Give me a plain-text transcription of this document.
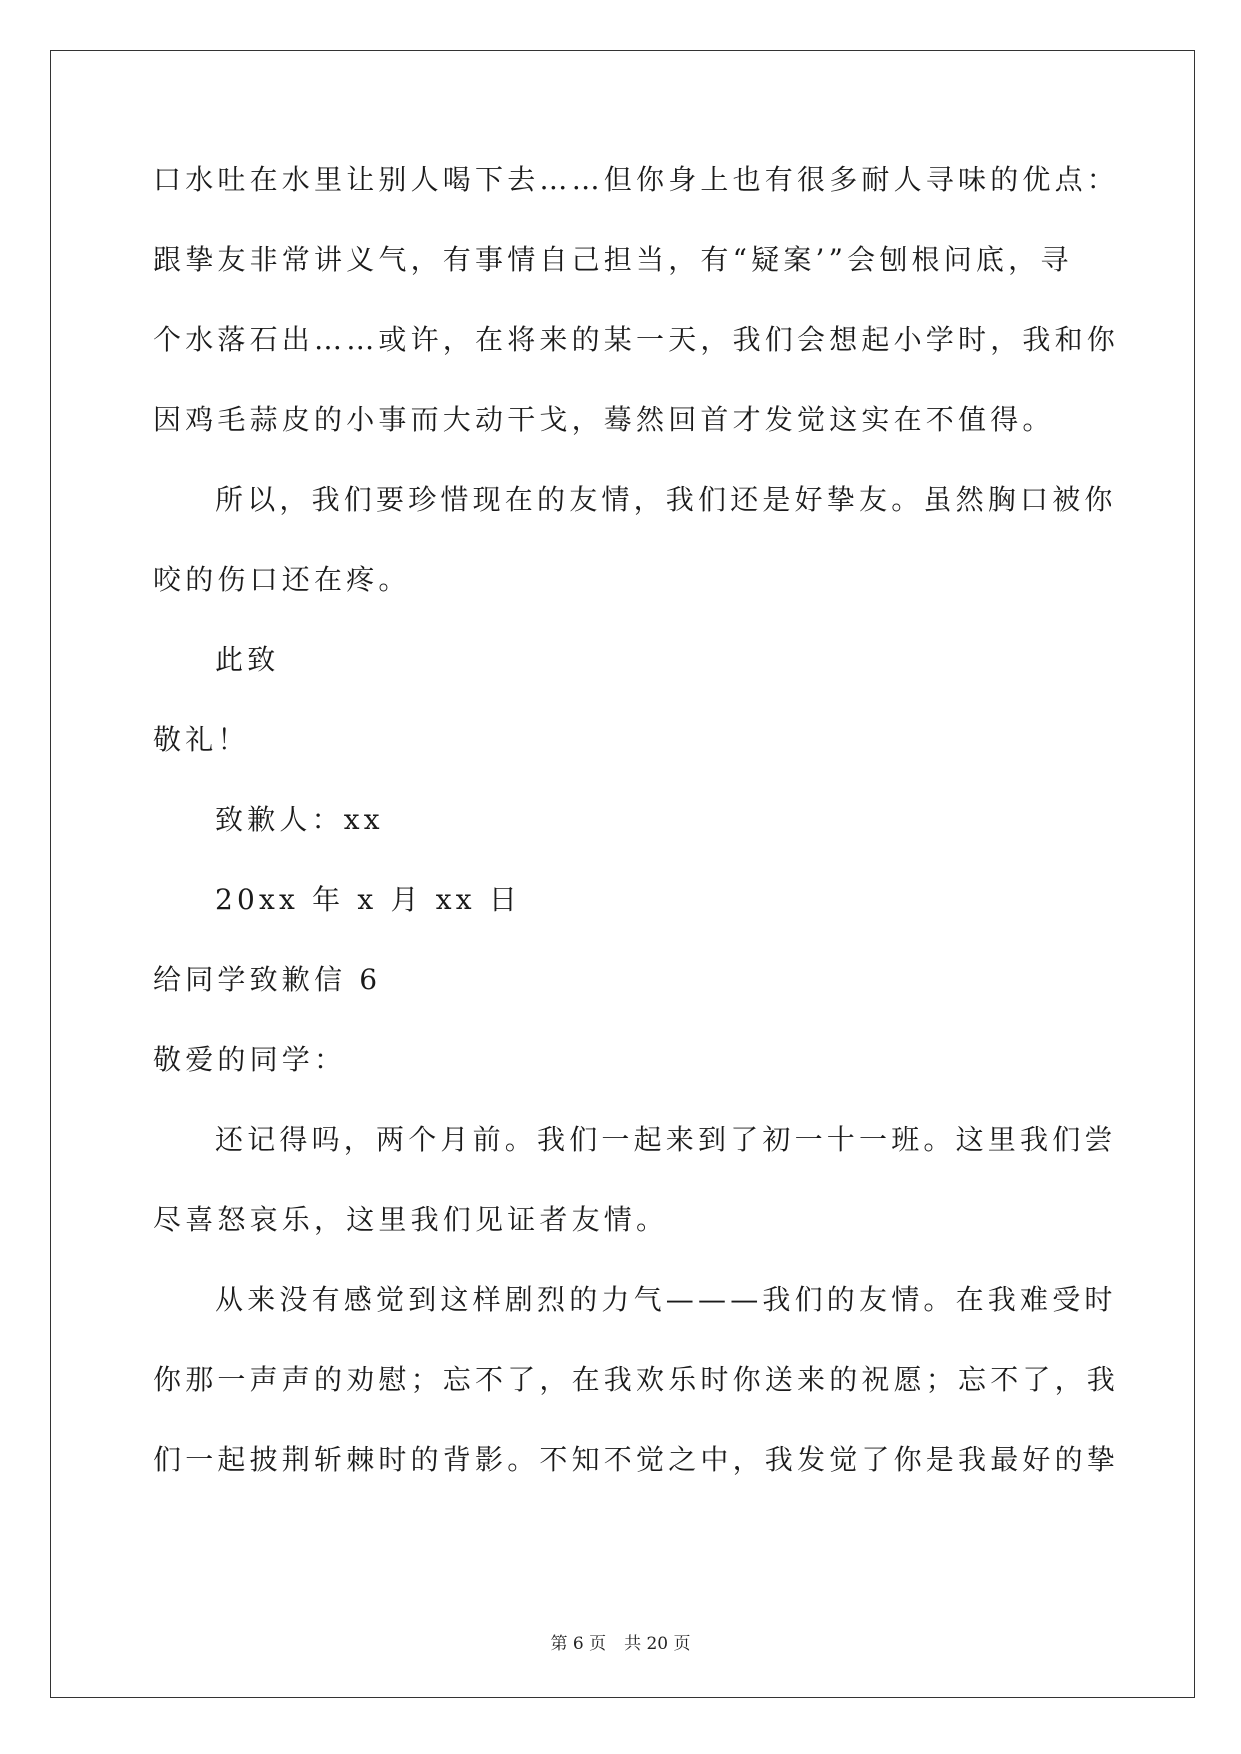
口水吐在水里让别人喝下去……但你身上也有很多耐人寻味的优点：
跟挚友非常讲义气，有事情自己担当，有“疑案’”会刨根问底，寻
个水落石出……或许，在将来的某一天，我们会想起小学时，我和你
因鸡毛蒜皮的小事而大动干戈，蓦然回首才发觉这实在不值得。
所以，我们要珍惜现在的友情，我们还是好挚友。虽然胸口被你
咬的伤口还在疼。
此致
敬礼！
致歉人：xx
20xx 年 x 月 xx 日
给同学致歉信 6
敬爱的同学：
还记得吗，两个月前。我们一起来到了初一十一班。这里我们尝
尽喜怒哀乐，这里我们见证者友情。
从来没有感觉到这样剧烈的力气———我们的友情。在我难受时
你那一声声的劝慰；忘不了，在我欢乐时你送来的祝愿；忘不了，我
们一起披荆斩棘时的背影。不知不觉之中，我发觉了你是我最好的挚
第 6 页 共 20 页
